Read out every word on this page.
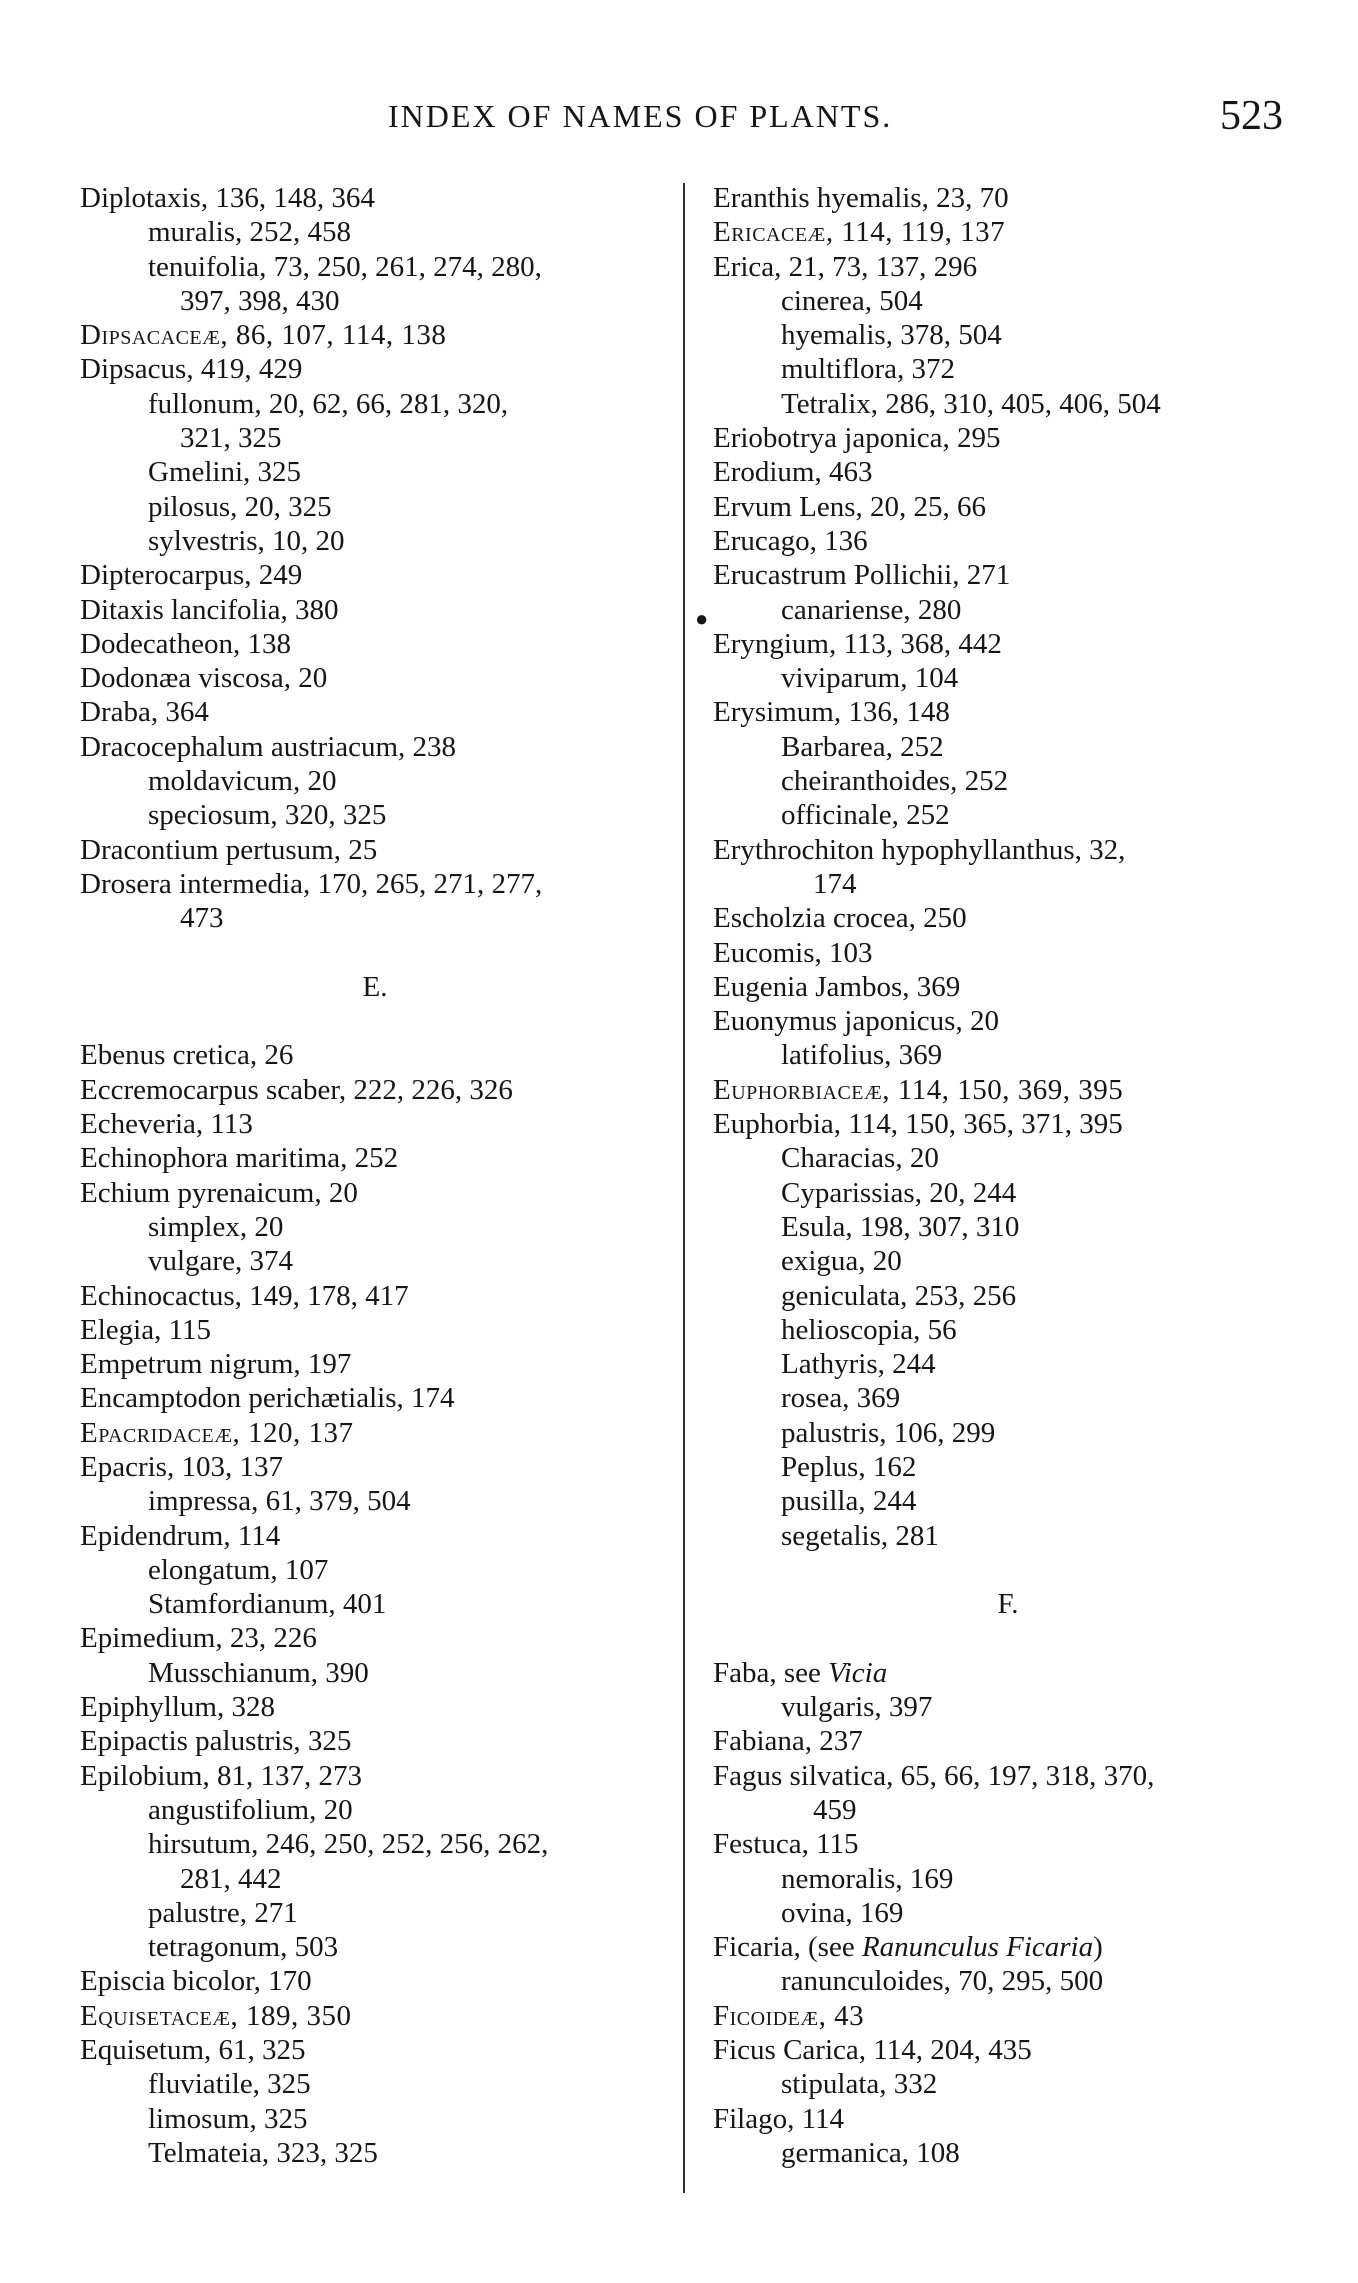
INDEX OF NAMES OF PLANTS.	523
Diplotaxis, 136, 148, 364
muralis, 252, 458
tenuifolia, 73, 250, 261, 274, 280,
397, 398, 430
Dipsacaceæ, 86, 107, 114, 138
Dipsacus, 419, 429
fullonum, 20, 62, 66, 281, 320,
321, 325
Gmelini, 325
pilosus, 20, 325
sylvestris, 10, 20
Dipterocarpus, 249
Ditaxis lancifolia, 380
Dodecatheon, 138
Dodonæa viscosa, 20
Draba, 364
Dracocephalum austriacum, 238
moldavicum, 20
speciosum, 320, 325
Dracontium pertusum, 25
Drosera intermedia, 170, 265, 271, 277,
473
E.
Ebenus cretica, 26
Eccremocarpus scaber, 222, 226, 326
Echeveria, 113
Echinophora maritima, 252
Echium pyrenaicum, 20
simplex, 20
vulgare, 374
Echinocactus, 149, 178, 417
Elegia, 115
Empetrum nigrum, 197
Encamptodon perichætialis, 174
Epacridaceæ, 120, 137
Epacris, 103, 137
impressa, 61, 379, 504
Epidendrum, 114
elongatum, 107
Stamfordianum, 401
Epimedium, 23, 226
Musschianum, 390
Epiphyllum, 328
Epipactis palustris, 325
Epilobium, 81, 137, 273
angustifolium, 20
hirsutum, 246, 250, 252, 256, 262,
281, 442
palustre, 271
tetragonum, 503
Episcia bicolor, 170
Equisetaceæ, 189, 350
Equisetum, 61, 325
fluviatile, 325
limosum, 325
Telmateia, 323, 325
●
Eranthis hyemalis, 23, 70
Ericaceæ, 114, 119, 137
Erica, 21, 73, 137, 296
cinerea, 504
hyemalis, 378, 504
multiflora, 372
Tetralix, 286, 310, 405, 406, 504
Eriobotrya japonica, 295
Erodium, 463
Ervum Lens, 20, 25, 66
Erucago, 136
Erucastrum Pollichii, 271
canariense, 280
Eryngium, 113, 368, 442
viviparum, 104
Erysimum, 136, 148
Barbarea, 252
cheiranthoides, 252
officinale, 252
Erythrochiton hypophyllanthus, 32,
174
Escholzia crocea, 250
Eucomis, 103
Eugenia Jambos, 369
Euonymus japonicus, 20
latifolius, 369
Euphorbiaceæ, 114, 150, 369, 395
Euphorbia, 114, 150, 365, 371, 395
Characias, 20
Cyparissias, 20, 244
Esula, 198, 307, 310
exigua, 20
geniculata, 253, 256
helioscopia, 56
Lathyris, 244
rosea, 369
palustris, 106, 299
Peplus, 162
pusilla, 244
segetalis, 281
F.
Faba, see Vicia
vulgaris, 397
Fabiana, 237
Fagus silvatica, 65, 66, 197, 318, 370,
459
Festuca, 115
nemoralis, 169
ovina, 169
Ficaria, (see Ranunculus Ficaria)
ranunculoides, 70, 295, 500
Ficoideæ, 43
Ficus Carica, 114, 204, 435
stipulata, 332
Filago, 114
germanica, 108
